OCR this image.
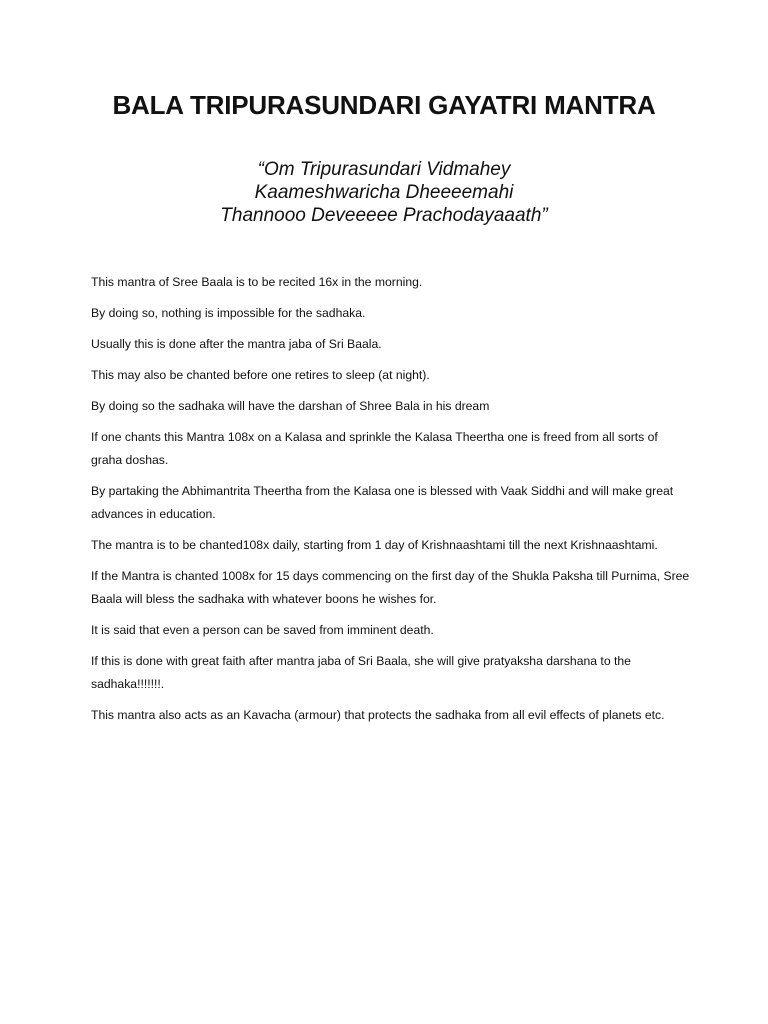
BALA TRIPURASUNDARI GAYATRI MANTRA
“Om Tripurasundari Vidmahey
Kaameshwaricha Dheeeemahi
Thannooo Deveeeee Prachodayaaath”

This mantra of Sree Baala is to be recited 16x in the morning.

By doing so, nothing is impossible for the sadhaka.

Usually this is done after the mantra jaba of Sri Baala.

This may also be chanted before one retires to sleep (at night).

By doing so the sadhaka will have the darshan of Shree Bala in his dream

If one chants this Mantra 108x on a Kalasa and sprinkle the Kalasa Theertha one is freed from all sorts of graha doshas.

By partaking the Abhimantrita Theertha from the Kalasa one is blessed with Vaak Siddhi and will make great advances in education.

The mantra is to be chanted108x daily, starting from 1 day of Krishnaashtami till the next Krishnaashtami.

If the Mantra is chanted 1008x for 15 days commencing on the first day of the Shukla Paksha till Purnima, Sree Baala will bless the sadhaka with whatever boons he wishes for.

It is said that even a person can be saved from imminent death.

If this is done with great faith after mantra jaba of Sri Baala, she will give pratyaksha darshana to the sadhaka!!!!!!!.

This mantra also acts as an Kavacha (armour) that protects the sadhaka from all evil effects of planets etc.
